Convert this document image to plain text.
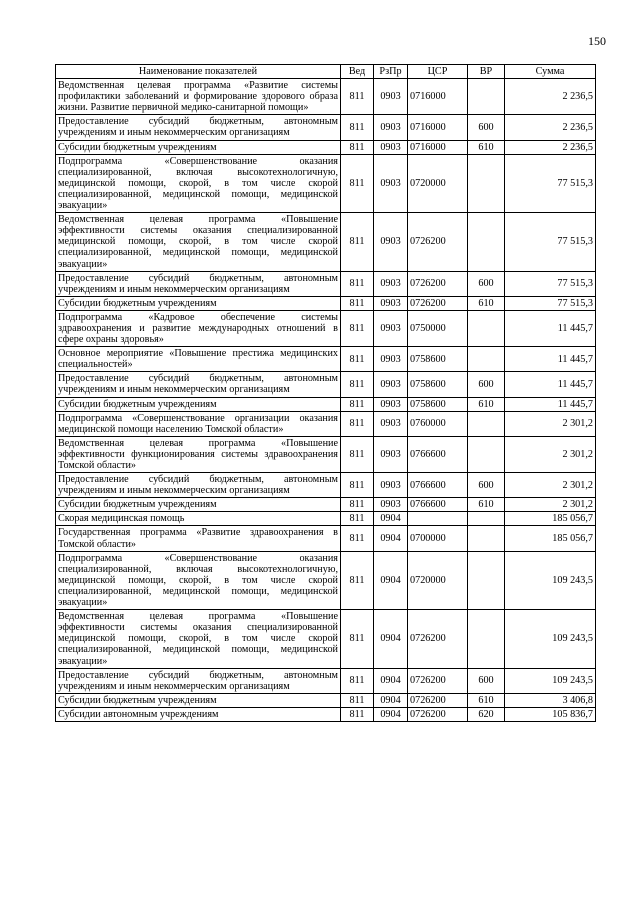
150
Наименование показателей	Вед	РзПр	ЦСР	ВР	Сумма
Ведомственная целевая программа «Развитие системы профилактики заболеваний и формирование здорового образа жизни. Развитие первичной медико-санитарной помощи»	811	0903	0716000		2 236,5
Предоставление субсидий бюджетным, автономным учреждениям и иным некоммерческим организациям	811	0903	0716000	600	2 236,5
Субсидии бюджетным учреждениям	811	0903	0716000	610	2 236,5
Подпрограмма «Совершенствование оказания специализированной, включая высокотехнологичную, медицинской помощи, скорой, в том числе скорой специализированной, медицинской помощи, медицинской эвакуации»	811	0903	0720000		77 515,3
Ведомственная целевая программа «Повышение эффективности системы оказания специализированной медицинской помощи, скорой, в том числе скорой специализированной, медицинской помощи, медицинской эвакуации»	811	0903	0726200		77 515,3
Предоставление субсидий бюджетным, автономным учреждениям и иным некоммерческим организациям	811	0903	0726200	600	77 515,3
Субсидии бюджетным учреждениям	811	0903	0726200	610	77 515,3
Подпрограмма «Кадровое обеспечение системы здравоохранения и развитие международных отношений в сфере охраны здоровья»	811	0903	0750000		11 445,7
Основное мероприятие «Повышение престижа медицинских специальностей»	811	0903	0758600		11 445,7
Предоставление субсидий бюджетным, автономным учреждениям и иным некоммерческим организациям	811	0903	0758600	600	11 445,7
Субсидии бюджетным учреждениям	811	0903	0758600	610	11 445,7
Подпрограмма «Совершенствование организации оказания медицинской помощи населению Томской области»	811	0903	0760000		2 301,2
Ведомственная целевая программа «Повышение эффективности функционирования системы здравоохранения Томской области»	811	0903	0766600		2 301,2
Предоставление субсидий бюджетным, автономным учреждениям и иным некоммерческим организациям	811	0903	0766600	600	2 301,2
Субсидии бюджетным учреждениям	811	0903	0766600	610	2 301,2
Скорая медицинская помощь	811	0904			185 056,7
Государственная программа «Развитие здравоохранения в Томской области»	811	0904	0700000		185 056,7
Подпрограмма «Совершенствование оказания специализированной, включая высокотехнологичную, медицинской помощи, скорой, в том числе скорой специализированной, медицинской помощи, медицинской эвакуации»	811	0904	0720000		109 243,5
Ведомственная целевая программа «Повышение эффективности системы оказания специализированной медицинской помощи, скорой, в том числе скорой специализированной, медицинской помощи, медицинской эвакуации»	811	0904	0726200		109 243,5
Предоставление субсидий бюджетным, автономным учреждениям и иным некоммерческим организациям	811	0904	0726200	600	109 243,5
Субсидии бюджетным учреждениям	811	0904	0726200	610	3 406,8
Субсидии автономным учреждениям	811	0904	0726200	620	105 836,7
